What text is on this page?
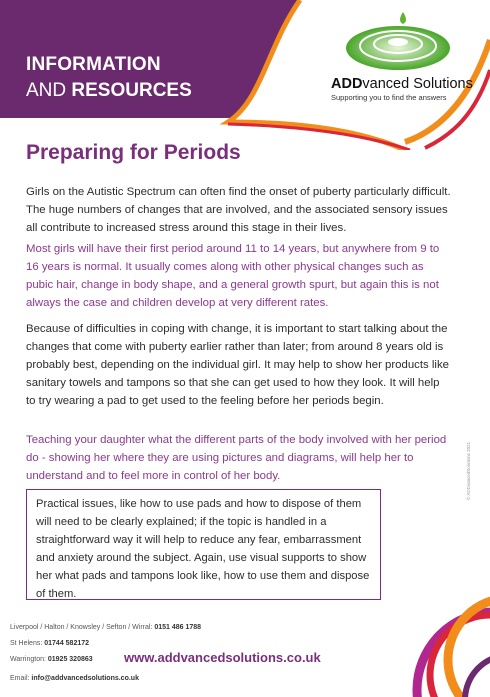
INFORMATION
AND RESOURCES	ADDvanced Solutions
Supporting you to find the answers
Preparing for Periods

Girls on the Autistic Spectrum can often find the onset of puberty particularly difficult. The huge numbers of changes that are involved, and the associated sensory issues all contribute to increased stress around this stage in their lives.

Most girls will have their first period around 11 to 14 years, but anywhere from 9 to 16 years is normal. It usually comes along with other physical changes such as pubic hair, change in body shape, and a general growth spurt, but again this is not always the case and children develop at very different rates.

Because of difficulties in coping with change, it is important to start talking about the changes that come with puberty earlier rather than later; from around 8 years old is probably best, depending on the individual girl. It may help to show her products like sanitary towels and tampons so that she can get used to how they look. It will help to try wearing a pad to get used to the feeling before her periods begin.

Teaching your daughter what the different parts of the body involved with her period do - showing her where they are using pictures and diagrams, will help her to understand and to feel more in control of her body.

Practical issues, like how to use pads and how to dispose of them will need to be clearly explained; if the topic is handled in a straightforward way it will help to reduce any fear, embarrassment and anxiety around the subject. Again, use visual supports to show her what pads and tampons look like, how to use them and dispose of them.

© ADDvancedSolutions 2021
Liverpool / Halton / Knowsley / Sefton / Wirral: 0151 486 1788
St Helens: 01744 582172
Warrington: 01925 320863
Email: info@addvancedsolutions.co.uk
www.addvancedsolutions.co.uk
